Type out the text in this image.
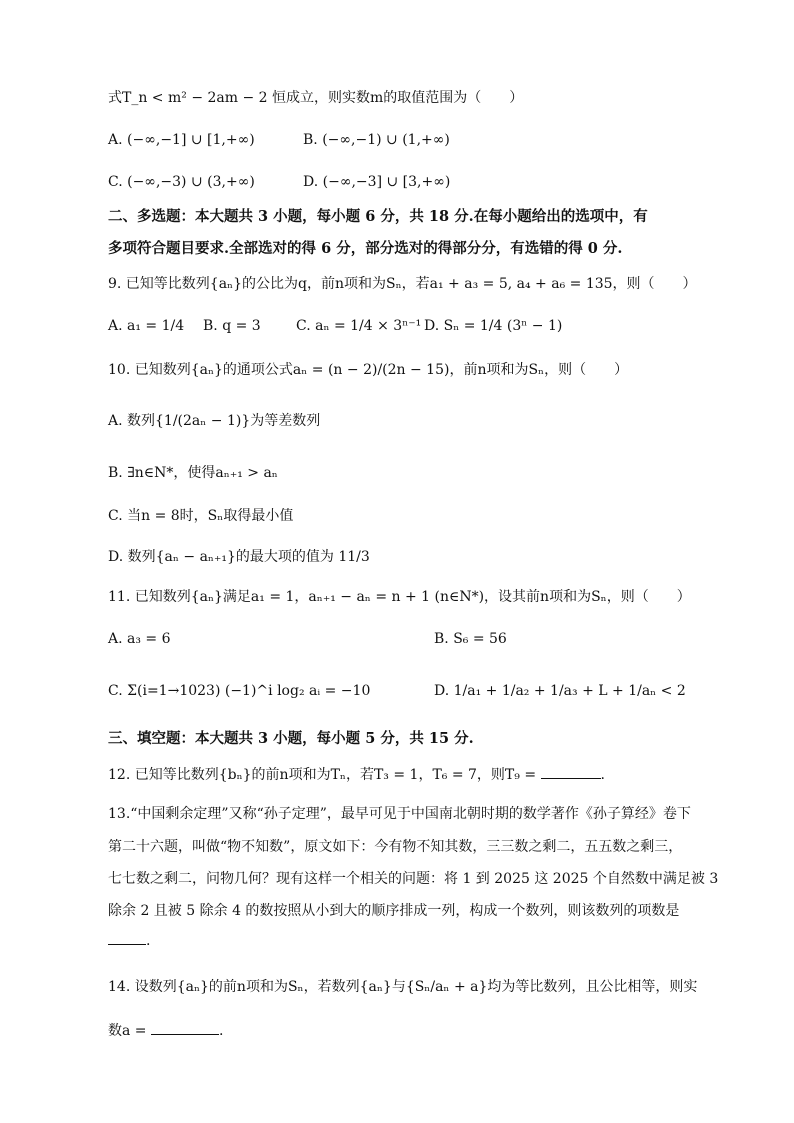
式T_n < m² − 2am − 2 恒成立，则实数m的取值范围为（　　）
A. (−∞,−1] ∪ [1,+∞)	B. (−∞,−1) ∪ (1,+∞)
C. (−∞,−3) ∪ (3,+∞)	D. (−∞,−3] ∪ [3,+∞)
二、多选题：本大题共 3 小题，每小题 6 分，共 18 分.在每小题给出的选项中，有
多项符合题目要求.全部选对的得 6 分，部分选对的得部分分，有选错的得 0 分.
9. 已知等比数列{aₙ}的公比为q，前n项和为Sₙ，若a₁ + a₃ = 5, a₄ + a₆ = 135，则（　　）
A. a₁ = 1/4 B. q = 3	C. aₙ = 1/4 × 3ⁿ⁻¹ D. Sₙ = 1/4 (3ⁿ − 1)
10. 已知数列{aₙ}的通项公式aₙ = (n − 2)/(2n − 15)，前n项和为Sₙ，则（　　）
A. 数列{1/(2aₙ − 1)}为等差数列
B. ∃n∈N*，使得aₙ₊₁ > aₙ
C. 当n = 8时，Sₙ取得最小值
D. 数列{aₙ − aₙ₊₁}的最大项的值为 11/3
11. 已知数列{aₙ}满足a₁ = 1，aₙ₊₁ − aₙ = n + 1 (n∈N*)，设其前n项和为Sₙ，则（　　）
A. a₃ = 6	B. S₆ = 56
C. Σ(i=1→1023) (−1)^i log₂ aᵢ = −10	D. 1/a₁ + 1/a₂ + 1/a₃ + L + 1/aₙ < 2
三、填空题：本大题共 3 小题，每小题 5 分，共 15 分.
12. 已知等比数列{bₙ}的前n项和为Tₙ，若T₃ = 1，T₆ = 7，则T₉ =	.
13.“中国剩余定理”又称“孙子定理”，最早可见于中国南北朝时期的数学著作《孙子算经》卷下
第二十六题，叫做“物不知数”，原文如下：今有物不知其数，三三数之剩二，五五数之剩三，
七七数之剩二，问物几何？现有这样一个相关的问题：将 1 到 2025 这 2025 个自然数中满足被 3
除余 2 且被 5 除余 4 的数按照从小到大的顺序排成一列，构成一个数列，则该数列的项数是
.
14. 设数列{aₙ}的前n项和为Sₙ，若数列{aₙ}与{Sₙ/aₙ + a}均为等比数列，且公比相等，则实
数a =	.
